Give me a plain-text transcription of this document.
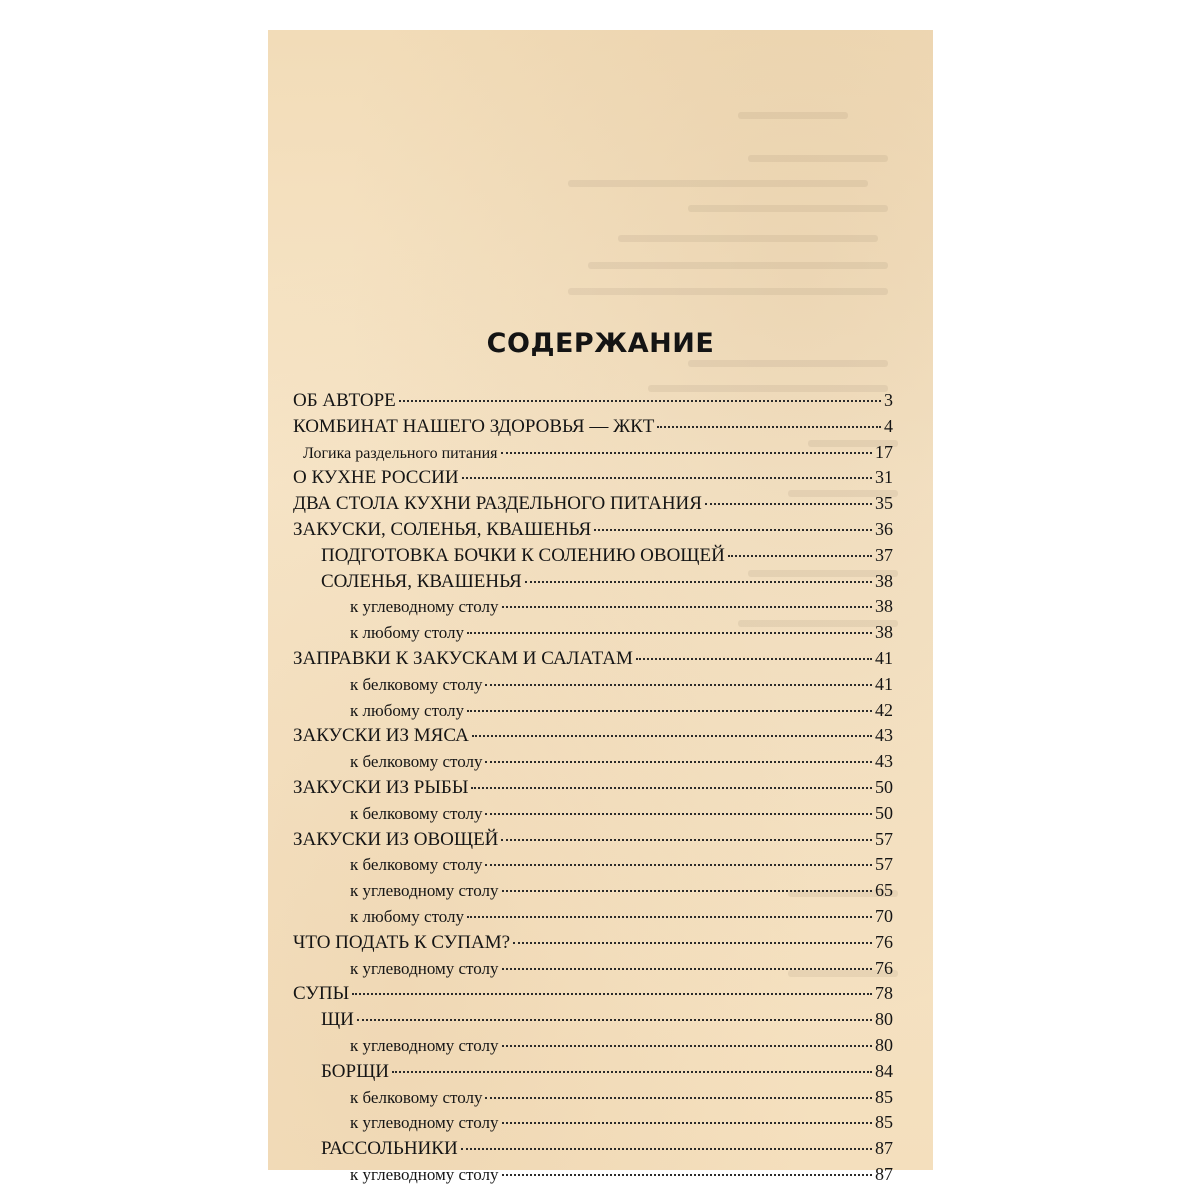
СОДЕРЖАНИЕ
ОБ АВТОРЕ	3
КОМБИНАТ НАШЕГО ЗДОРОВЬЯ — ЖКТ	4
Логика раздельного питания	17
О КУХНЕ РОССИИ	31
ДВА СТОЛА КУХНИ РАЗДЕЛЬНОГО ПИТАНИЯ	35
ЗАКУСКИ, СОЛЕНЬЯ, КВАШЕНЬЯ	36
ПОДГОТОВКА БОЧКИ К СОЛЕНИЮ ОВОЩЕЙ	37
СОЛЕНЬЯ, КВАШЕНЬЯ	38
к углеводному столу	38
к любому столу	38
ЗАПРАВКИ К ЗАКУСКАМ И САЛАТАМ	41
к белковому столу	41
к любому столу	42
ЗАКУСКИ ИЗ МЯСА	43
к белковому столу	43
ЗАКУСКИ ИЗ РЫБЫ	50
к белковому столу	50
ЗАКУСКИ ИЗ ОВОЩЕЙ	57
к белковому столу	57
к углеводному столу	65
к любому столу	70
ЧТО ПОДАТЬ К СУПАМ?	76
к углеводному столу	76
СУПЫ	78
ЩИ	80
к углеводному столу	80
БОРЩИ	84
к белковому столу	85
к углеводному столу	85
РАССОЛЬНИКИ	87
к углеводному столу	87
